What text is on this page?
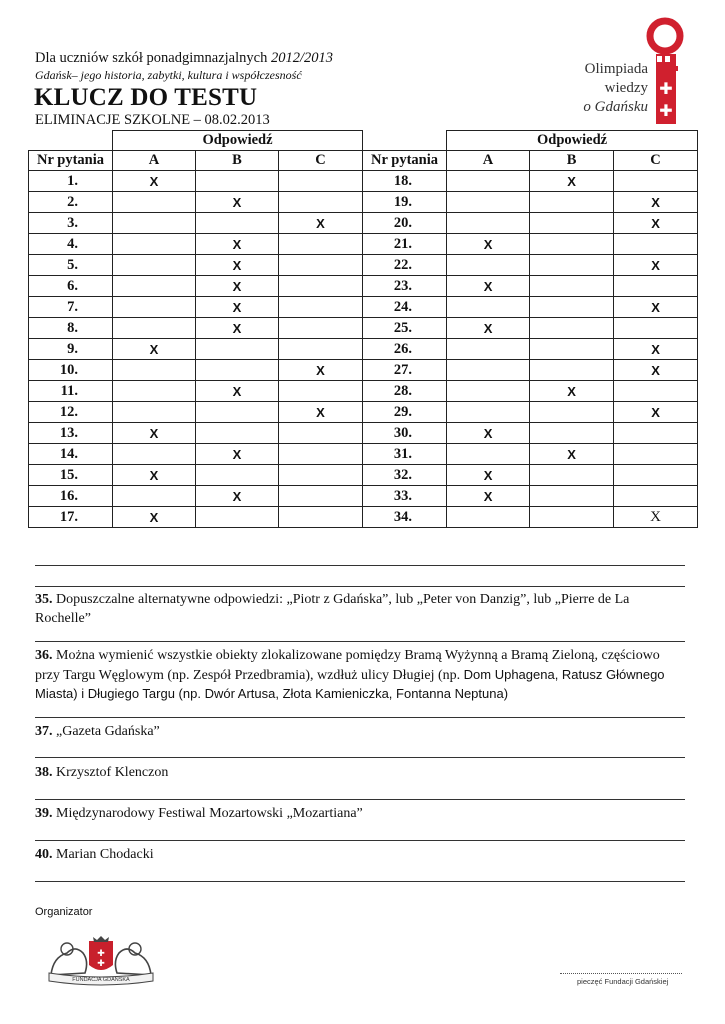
Dla uczniów szkół ponadgimnazjalnych 2012/2013
Gdańsk– jego historia, zabytki, kultura i współczesność
KLUCZ DO TESTU
ELIMINACJE SZKOLNE – 08.02.2013
Olimpiada
wiedzy
o Gdańsku
✚
✚
	Odpowiedź				Odpowiedź		
Nr pytania	A	B	C	Nr pytania	A	B	C
1.	X			18.		X	
2.		X		19.			X
3.			X	20.			X
4.		X		21.	X		
5.		X		22.			X
6.		X		23.	X		
7.		X		24.			X
8.		X		25.	X		
9.	X			26.			X
10.			X	27.			X
11.		X		28.		X	
12.			X	29.			X
13.	X			30.	X		
14.		X		31.		X	
15.	X			32.	X		
16.		X		33.	X		
17.	X			34.			X
35. Dopuszczalne alternatywne odpowiedzi: „Piotr z Gdańska”, lub „Peter von Danzig”, lub „Pierre de La Rochelle”
36. Można wymienić wszystkie obiekty zlokalizowane pomiędzy Bramą Wyżynną a Bramą Zieloną, częściowo przy Targu Węglowym (np. Zespół Przedbramia), wzdłuż ulicy Długiej (np. Dom Uphagena, Ratusz Głównego Miasta) i Długiego Targu (np. Dwór Artusa, Złota Kamieniczka, Fontanna Neptuna)
37. „Gazeta Gdańska”
38. Krzysztof Klenczon
39. Międzynarodowy Festiwal Mozartowski „Mozartiana”
40. Marian Chodacki
Organizator
✚
✚
FUNDACJA GDAŃSKA	pieczęć Fundacji Gdańskiej
